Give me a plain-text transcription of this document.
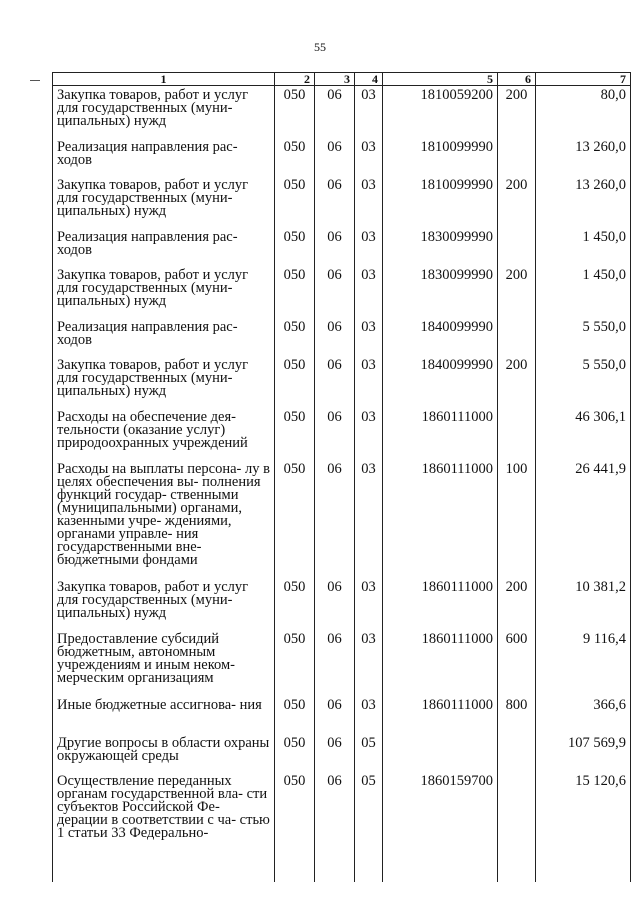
55
1	2	3	4	5	6	7
Закупка товаров, работ и услуг для государственных (муни- ципальных) нужд	050	06	03	1810059200	200	80,0
Реализация направления рас- ходов	050	06	03	1810099990		13 260,0
Закупка товаров, работ и услуг для государственных (муни- ципальных) нужд	050	06	03	1810099990	200	13 260,0
Реализация направления рас- ходов	050	06	03	1830099990		1 450,0
Закупка товаров, работ и услуг для государственных (муни- ципальных) нужд	050	06	03	1830099990	200	1 450,0
Реализация направления рас- ходов	050	06	03	1840099990		5 550,0
Закупка товаров, работ и услуг для государственных (муни- ципальных) нужд	050	06	03	1840099990	200	5 550,0
Расходы на обеспечение дея- тельности (оказание услуг) природоохранных учреждений	050	06	03	1860111000		46 306,1
Расходы на выплаты персона- лу в целях обеспечения вы- полнения функций государ- ственными (муниципальными) органами, казенными учре- ждениями, органами управле- ния государственными вне- бюджетными фондами	050	06	03	1860111000	100	26 441,9
Закупка товаров, работ и услуг для государственных (муни- ципальных) нужд	050	06	03	1860111000	200	10 381,2
Предоставление субсидий бюджетным, автономным учреждениям и иным неком- мерческим организациям	050	06	03	1860111000	600	9 116,4
Иные бюджетные ассигнова- ния	050	06	03	1860111000	800	366,6
Другие вопросы в области охраны окружающей среды	050	06	05			107 569,9
Осуществление переданных органам государственной вла- сти субъектов Российской Фе- дерации в соответствии с ча- стью 1 статьи 33 Федерально-	050	06	05	1860159700		15 120,6
